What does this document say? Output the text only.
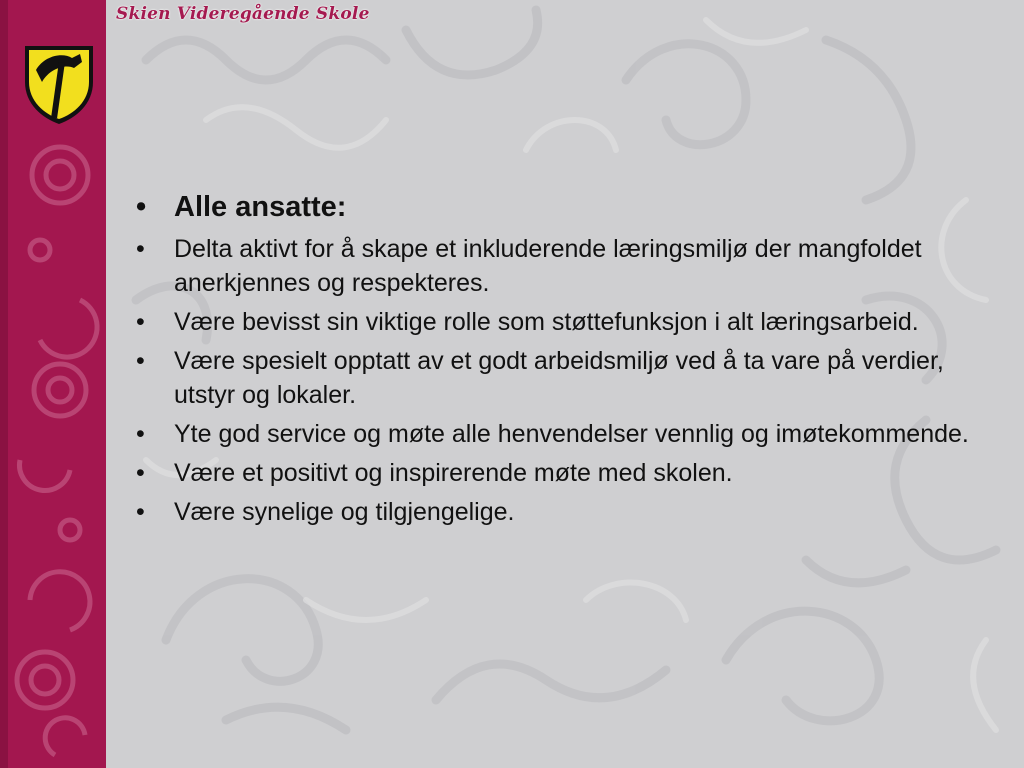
Skien Videregående Skole
• Alle ansatte:
• Delta aktivt for å skape et inkluderende læringsmiljø der mangfoldet anerkjennes og respekteres.
• Være bevisst sin viktige rolle som støttefunksjon i alt læringsarbeid.
• Være spesielt opptatt av et godt arbeidsmiljø ved å ta vare på verdier, utstyr og lokaler.
• Yte god service og møte alle henvendelser vennlig og imøtekommende.
• Være et positivt og inspirerende møte med skolen.
• Være synelige og tilgjengelige.
